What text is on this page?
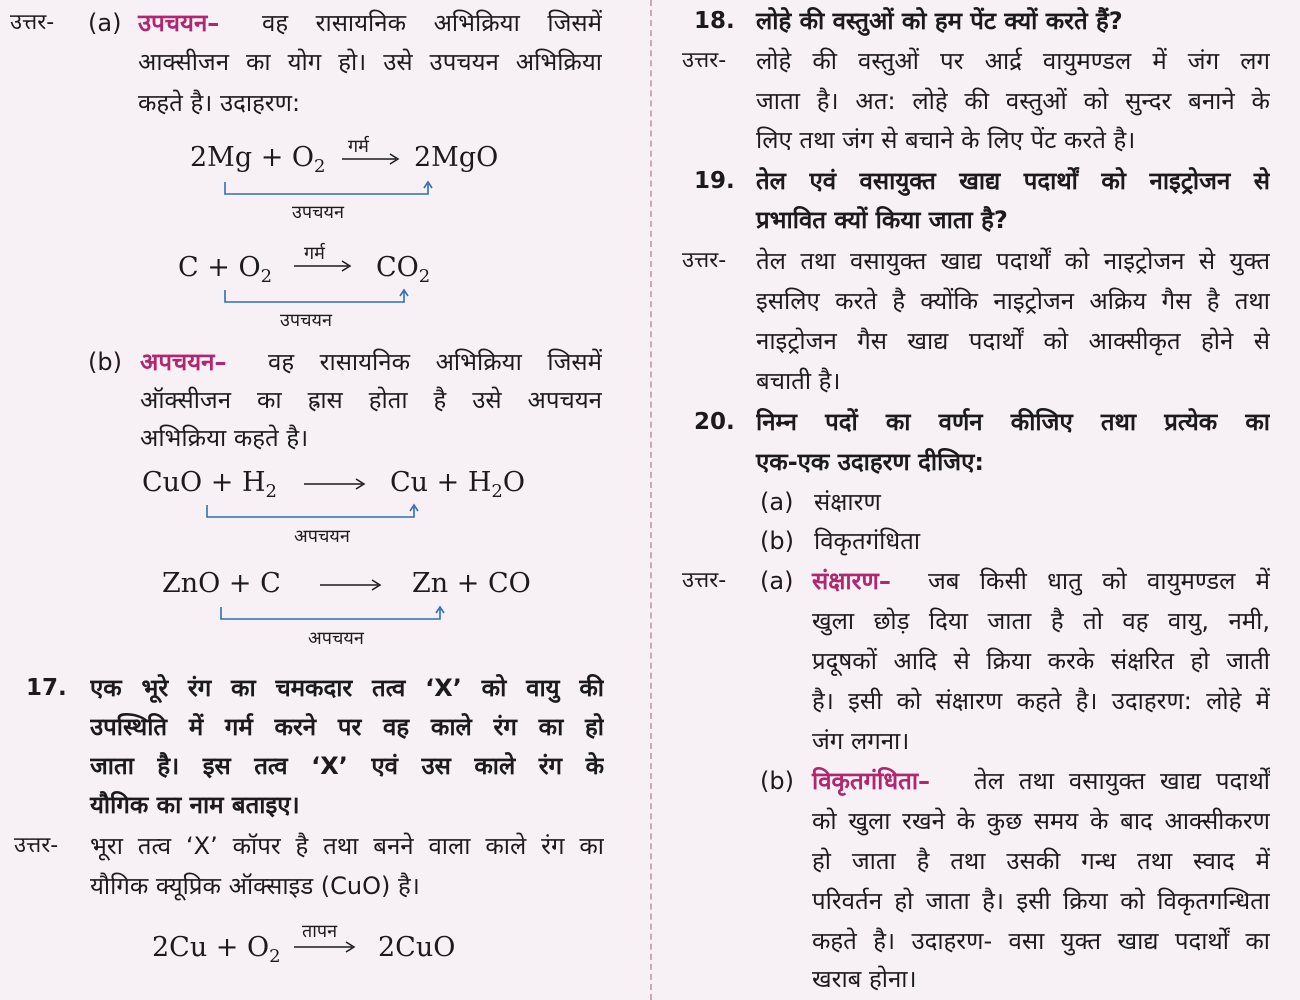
उत्तर- (a) उपचयन– वह रासायनिक अभिक्रिया जिसमें
आक्सीजन का योग हो। उसे उपचयन अभिक्रिया
कहते है। उदाहरण:
$2Mg + O_2$
गर्म 2MgO
उपचयन
$C + O_2$
गर्म $CO_2$
उपचयन
(b) अपचयन– वह रासायनिक अभिक्रिया जिसमें
ऑक्सीजन का ह्रास होता है उसे अपचयन
अभिक्रिया कहते है।
CuO + $H_2$	$Cu + H_2O$
अपचयन
ZnO + C	Zn + CO
अपचयन
17. एक भूरे रंग का चमकदार तत्व ‘X’ को वायु की
उपस्थिति में गर्म करने पर वह काले रंग का हो
जाता है। इस तत्व ‘X’ एवं उस काले रंग के
यौगिक का नाम बताइए।
उत्तर- भूरा तत्व ‘X’ कॉपर है तथा बनने वाला काले रंग का
यौगिक क्यूप्रिक ऑक्साइड (CuO) है।
$2Cu + O_2$
तापन
2CuO
18. लोहे की वस्तुओं को हम पेंट क्यों करते हैं?
उत्तर- लोहे की वस्तुओं पर आर्द्र वायुमण्डल में जंग लग
जाता है। अत: लोहे की वस्तुओं को सुन्दर बनाने के
लिए तथा जंग से बचाने के लिए पेंट करते है।
19. तेल एवं वसायुक्त खाद्य पदार्थों को नाइट्रोजन से
प्रभावित क्यों किया जाता है?
उत्तर- तेल तथा वसायुक्त खाद्य पदार्थों को नाइट्रोजन से युक्त
इसलिए करते है क्योंकि नाइट्रोजन अक्रिय गैस है तथा
नाइट्रोजन गैस खाद्य पदार्थों को आक्सीकृत होने से
बचाती है।
20. निम्न पदों का वर्णन कीजिए तथा प्रत्येक का
एक-एक उदाहरण दीजिए:
(a) संक्षारण
(b) विकृतगंधिता
उत्तर- (a) संक्षारण– जब किसी धातु को वायुमण्डल में
खुला छोड़ दिया जाता है तो वह वायु, नमी,
प्रदूषकों आदि से क्रिया करके संक्षरित हो जाती
है। इसी को संक्षारण कहते है। उदाहरण: लोहे में
जंग लगना।
(b) विकृतगंधिता– तेल तथा वसायुक्त खाद्य पदार्थों
को खुला रखने के कुछ समय के बाद आक्सीकरण
हो जाता है तथा उसकी गन्ध तथा स्वाद में
परिवर्तन हो जाता है। इसी क्रिया को विकृतगन्धिता
कहते है। उदाहरण- वसा युक्त खाद्य पदार्थों का
खराब होना।
